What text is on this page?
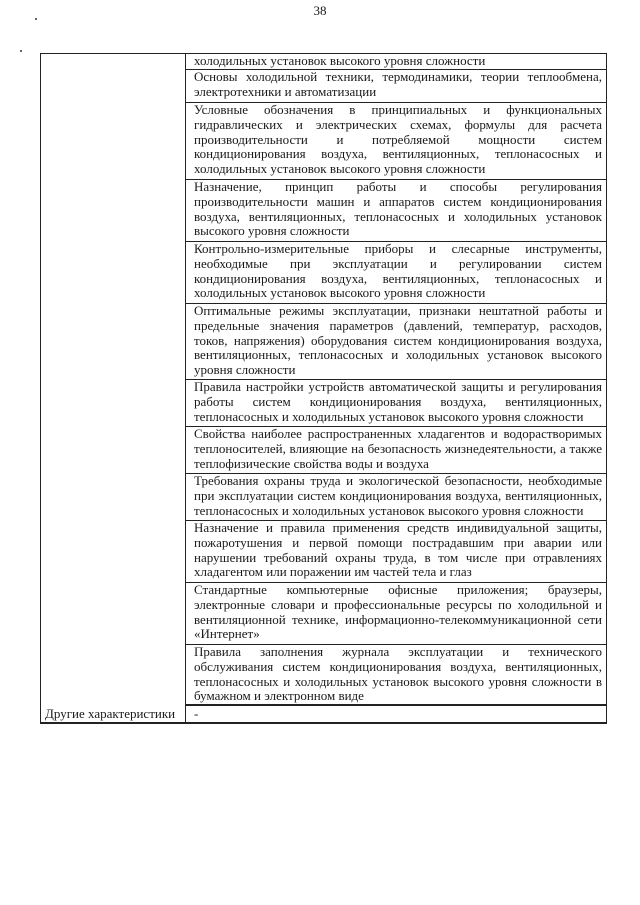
38
холодильных установок высокого уровня сложности
Основы холодильной техники, термодинамики, теории теплообмена, электротехники и автоматизации
Условные обозначения в принципиальных и функциональных гидравлических и электрических схемах, формулы для расчета производительности и потребляемой мощности систем кондиционирования воздуха, вентиляционных, теплонасосных и холодильных установок высокого уровня сложности
Назначение, принцип работы и способы регулирования производительности машин и аппаратов систем кондиционирования воздуха, вентиляционных, теплонасосных и холодильных установок высокого уровня сложности
Контрольно-измерительные приборы и слесарные инструменты, необходимые при эксплуатации и регулировании систем кондиционирования воздуха, вентиляционных, теплонасосных и холодильных установок высокого уровня сложности
Оптимальные режимы эксплуатации, признаки нештатной работы и предельные значения параметров (давлений, температур, расходов, токов, напряжения) оборудования систем кондиционирования воздуха, вентиляционных, теплонасосных и холодильных установок высокого уровня сложности
Правила настройки устройств автоматической защиты и регулирования работы систем кондиционирования воздуха, вентиляционных, теплонасосных и холодильных установок высокого уровня сложности
Свойства наиболее распространенных хладагентов и водорастворимых теплоносителей, влияющие на безопасность жизнедеятельности, а также теплофизические свойства воды и воздуха
Требования охраны труда и экологической безопасности, необходимые при эксплуатации систем кондиционирования воздуха, вентиляционных, теплонасосных и холодильных установок высокого уровня сложности
Назначение и правила применения средств индивидуальной защиты, пожаротушения и первой помощи пострадавшим при аварии или нарушении требований охраны труда, в том числе при отравлениях хладагентом или поражении им частей тела и глаз
Стандартные компьютерные офисные приложения; браузеры, электронные словари и профессиональные ресурсы по холодильной и вентиляционной технике, информационно-телекоммуникационной сети «Интернет»
Правила заполнения журнала эксплуатации и технического обслуживания систем кондиционирования воздуха, вентиляционных, теплонасосных и холодильных установок высокого уровня сложности в бумажном и электронном виде
Другие характеристики	-
